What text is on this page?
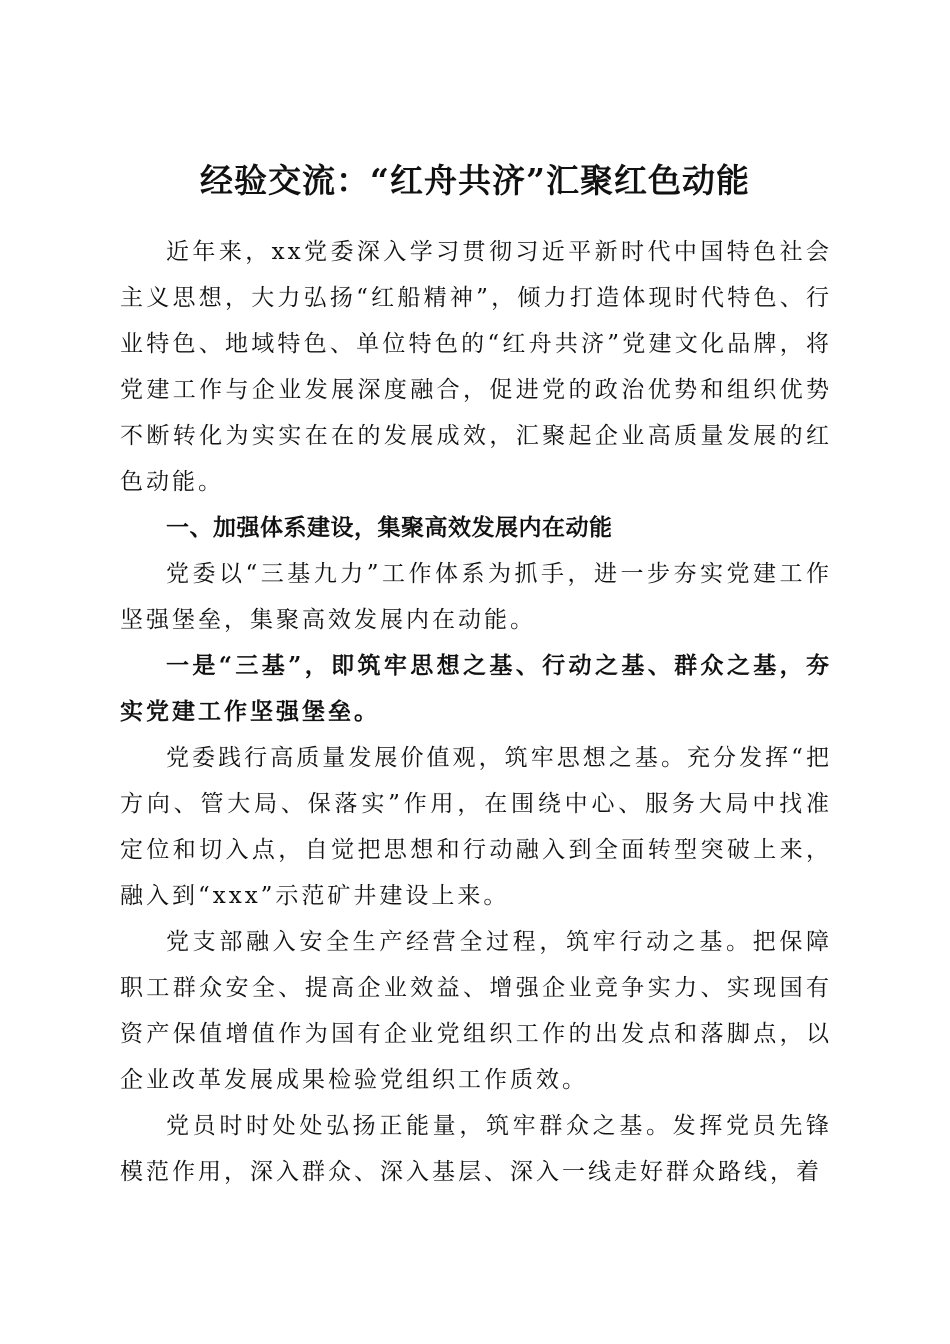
经验交流：“红舟共济”汇聚红色动能

近年来，xx党委深入学习贯彻习近平新时代中国特色社会主义思想，大力弘扬“红船精神”，倾力打造体现时代特色、行业特色、地域特色、单位特色的“红舟共济”党建文化品牌，将党建工作与企业发展深度融合，促进党的政治优势和组织优势不断转化为实实在在的发展成效，汇聚起企业高质量发展的红色动能。

一、加强体系建设，集聚高效发展内在动能

党委以“三基九力”工作体系为抓手，进一步夯实党建工作坚强堡垒，集聚高效发展内在动能。

一是“三基”，即筑牢思想之基、行动之基、群众之基，夯实党建工作坚强堡垒。

党委践行高质量发展价值观，筑牢思想之基。充分发挥“把方向、管大局、保落实”作用，在围绕中心、服务大局中找准定位和切入点，自觉把思想和行动融入到全面转型突破上来，融入到“xxx”示范矿井建设上来。

党支部融入安全生产经营全过程，筑牢行动之基。把保障职工群众安全、提高企业效益、增强企业竞争实力、实现国有资产保值增值作为国有企业党组织工作的出发点和落脚点，以企业改革发展成果检验党组织工作质效。

党员时时处处弘扬正能量，筑牢群众之基。发挥党员先锋模范作用，深入群众、深入基层、深入一线走好群众路线，着
